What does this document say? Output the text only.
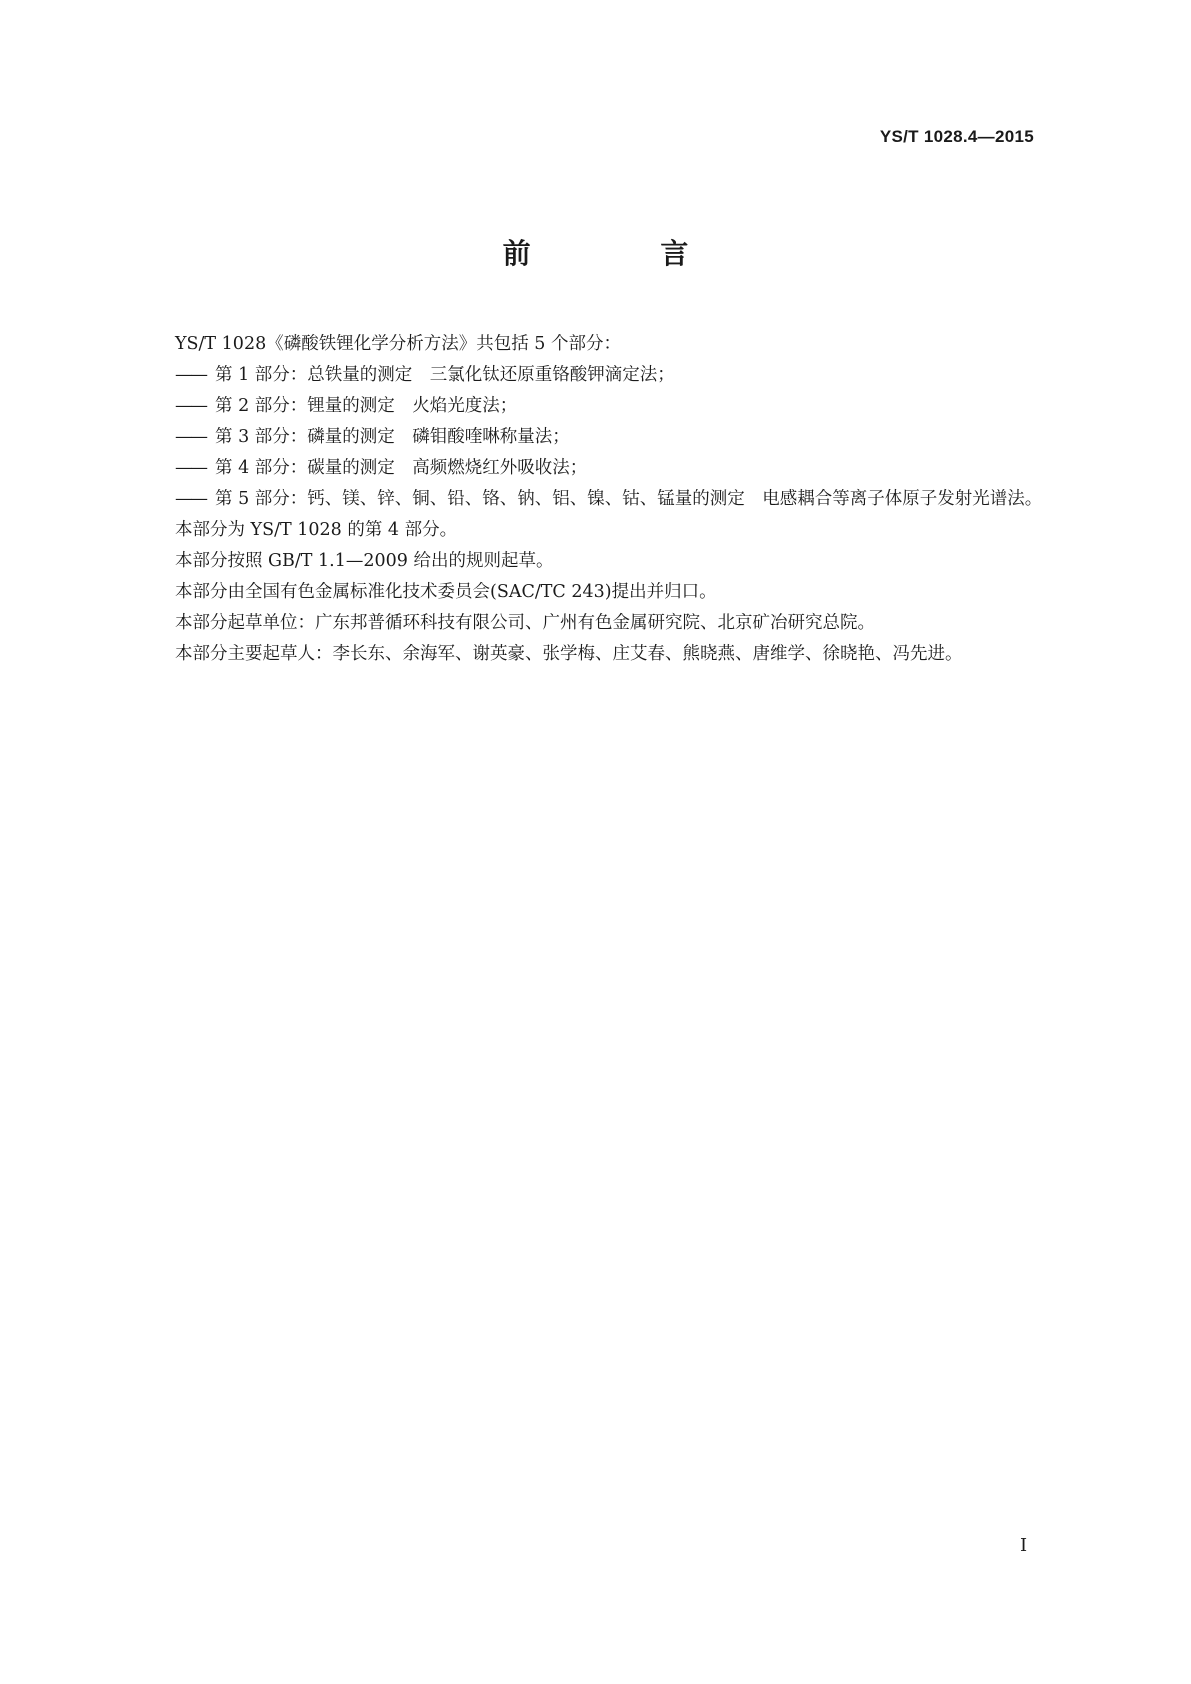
YS/T 1028.4—2015
前 言

YS/T 1028《磷酸铁锂化学分析方法》共包括 5 个部分：

—— 第 1 部分：总铁量的测定　三氯化钛还原重铬酸钾滴定法；

—— 第 2 部分：锂量的测定　火焰光度法；

—— 第 3 部分：磷量的测定　磷钼酸喹啉称量法；

—— 第 4 部分：碳量的测定　高频燃烧红外吸收法；

—— 第 5 部分：钙、镁、锌、铜、铅、铬、钠、铝、镍、钴、锰量的测定　电感耦合等离子体原子发射光谱法。

本部分为 YS/T 1028 的第 4 部分。

本部分按照 GB/T 1.1—2009 给出的规则起草。

本部分由全国有色金属标准化技术委员会(SAC/TC 243)提出并归口。

本部分起草单位：广东邦普循环科技有限公司、广州有色金属研究院、北京矿冶研究总院。

本部分主要起草人：李长东、余海军、谢英豪、张学梅、庄艾春、熊晓燕、唐维学、徐晓艳、冯先进。

I
